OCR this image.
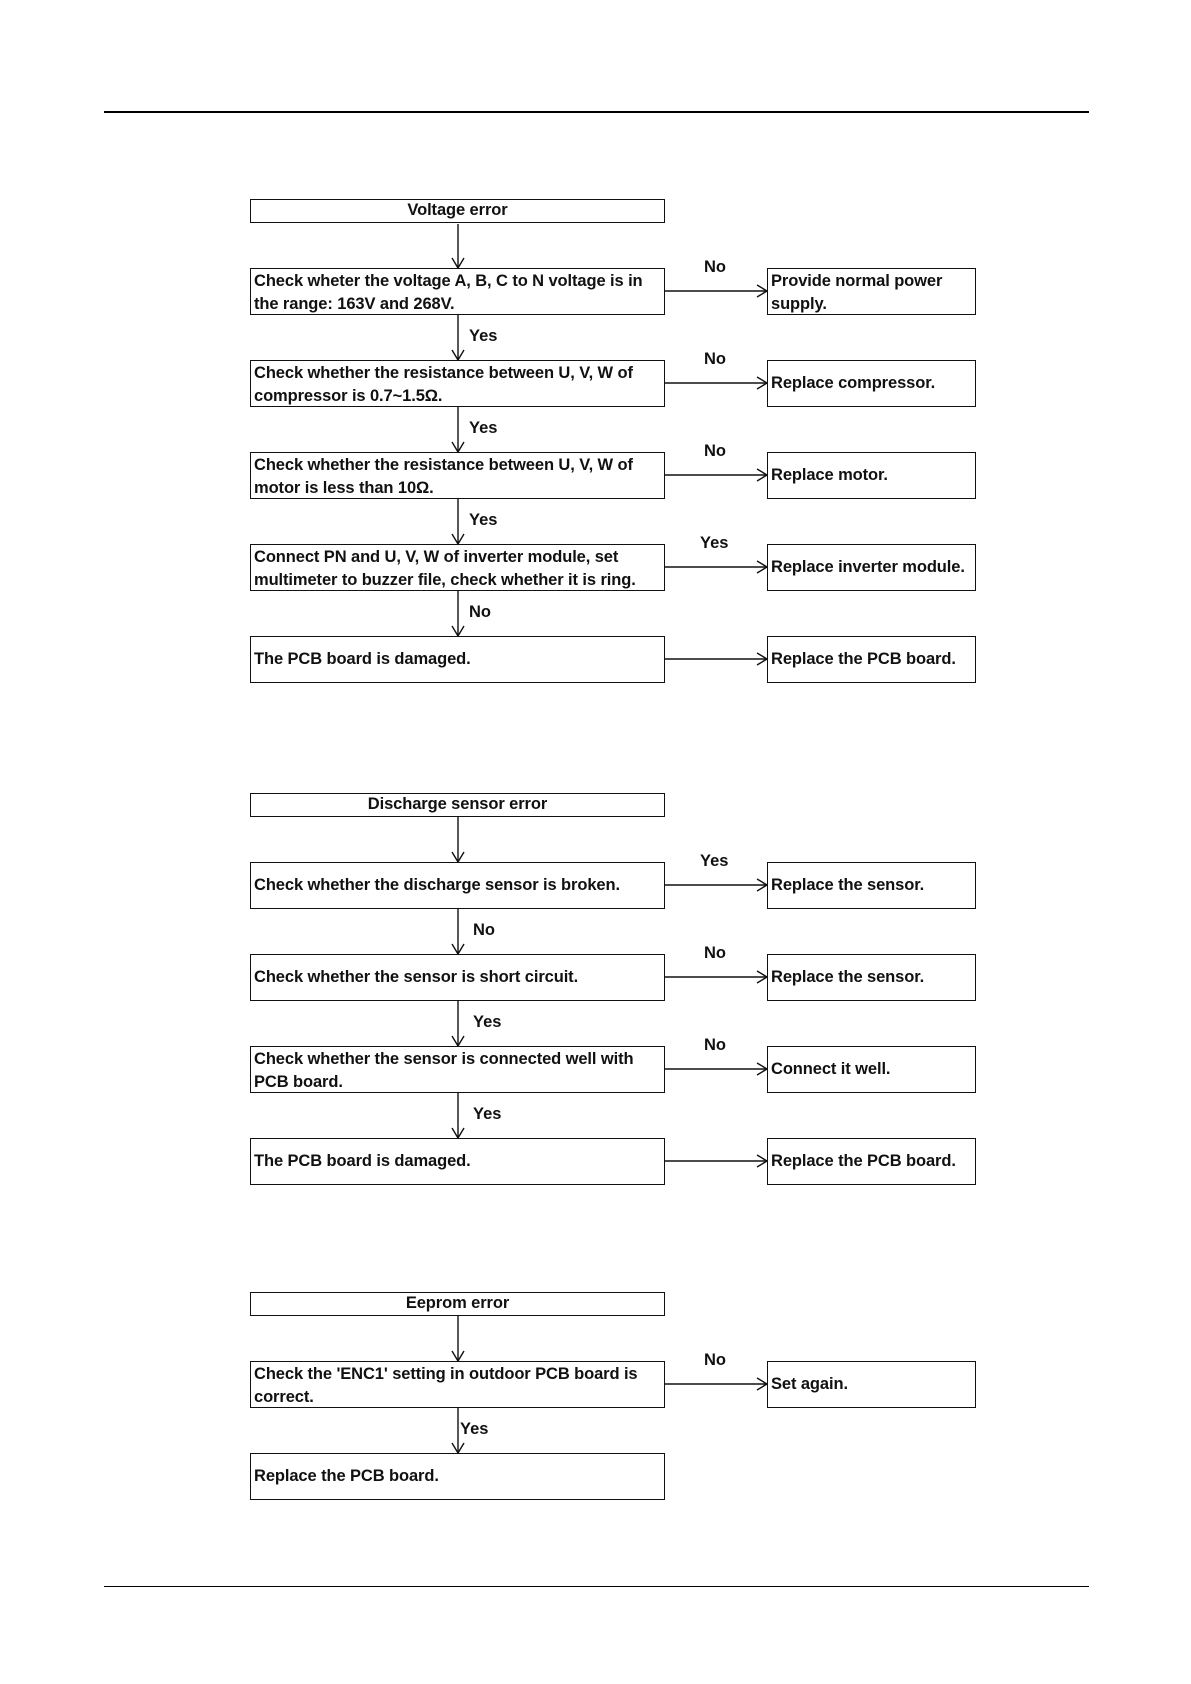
Voltage error
Check wheter the voltage A, B, C to N voltage is in the range: 163V and 268V.
Check whether the resistance between U, V, W of compressor is 0.7~1.5Ω.
Check whether the resistance between U, V, W of motor is less than 10Ω.
Connect PN and U, V, W of inverter module, set multimeter to buzzer file, check whether it is ring.
The PCB board is damaged.
Provide normal power supply.
Replace compressor.
Replace motor.
Replace inverter module.
Replace the PCB board.
No
No
No
Yes
Yes
Yes
Yes
No
Discharge sensor error
Check whether the discharge sensor is broken.
Check whether the sensor is short circuit.
Check whether the sensor is connected well with PCB board.
The PCB board is damaged.
Replace the sensor.
Replace the sensor.
Connect it well.
Replace the PCB board.
Yes
No
No
No
Yes
Yes
Eeprom error
Check the 'ENC1' setting in outdoor PCB board is correct.
Replace the PCB board.
Set again.
No
Yes
